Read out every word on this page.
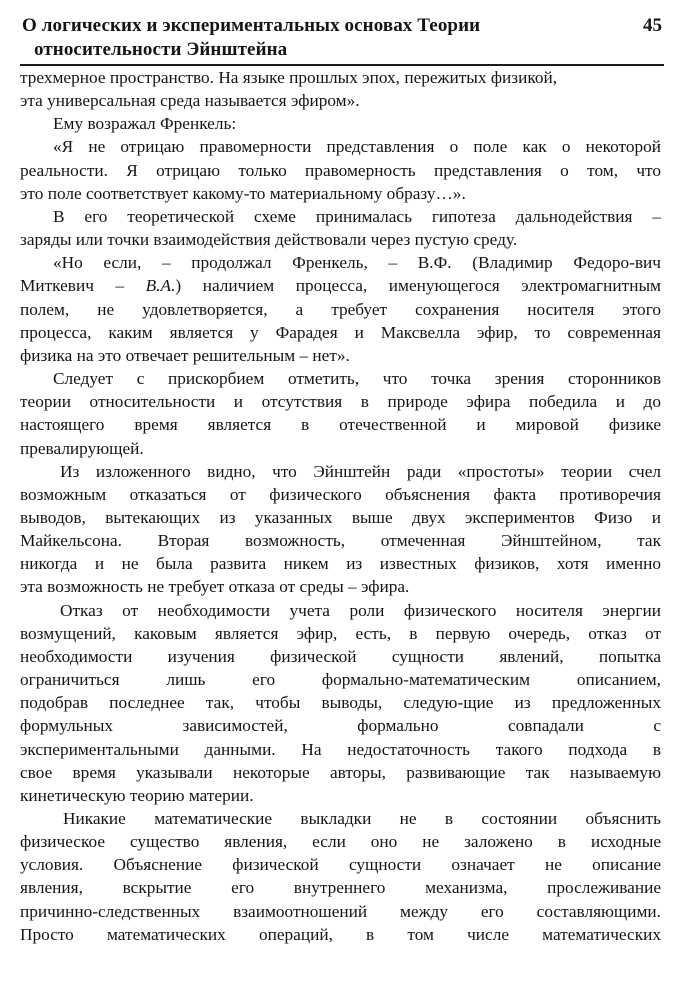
О логических и экспериментальных основах Теории
относительности Эйнштейна
45
трехмерное пространство. На языке прошлых эпох, пережитых физикой,
эта универсальная среда называется эфиром».
Ему возражал Френкель:
«Я не отрицаю правомерности представления о поле как о некоторой
реальности. Я отрицаю только правомерность представления о том, что
это поле соответствует какому-то материальному образу…».
В его теоретической схеме принималась гипотеза дальнодействия –
заряды или точки взаимодействия действовали через пустую среду.
«Но если, – продолжал Френкель, – В.Ф. (Владимир Федоро-вич
Миткевич – В.А.) наличием процесса, именующегося электромагнитным
полем, не удовлетворяется, а требует сохранения носителя этого
процесса, каким является у Фарадея и Максвелла эфир, то современная
физика на это отвечает решительным – нет».
Следует с прискорбием отметить, что точка зрения сторонников
теории относительности и отсутствия в природе эфира победила и до
настоящего время является в отечественной и мировой физике
превалирующей.
Из изложенного видно, что Эйнштейн ради «простоты» теории счел
возможным отказаться от физического объяснения факта противоречия
выводов, вытекающих из указанных выше двух экспериментов Физо и
Майкельсона. Вторая возможность, отмеченная Эйнштейном, так
никогда и не была развита никем из известных физиков, хотя именно
эта возможность не требует отказа от среды – эфира.
Отказ от необходимости учета роли физического носителя энергии
возмущений, каковым является эфир, есть, в первую очередь, отказ от
необходимости изучения физической сущности явлений, попытка
ограничиться лишь его формально-математическим описанием,
подобрав последнее так, чтобы выводы, следую-щие из предложенных
формульных зависимостей, формально совпадали с
экспериментальными данными. На недостаточность такого подхода в
свое время указывали некоторые авторы, развивающие так называемую
кинетическую теорию материи.
Никакие математические выкладки не в состоянии объяснить
физическое существо явления, если оно не заложено в исходные
условия. Объяснение физической сущности означает не описание
явления, вскрытие его внутреннего механизма, прослеживание
причинно-следственных взаимоотношений между его составляющими.
Просто математических операций, в том числе математических
